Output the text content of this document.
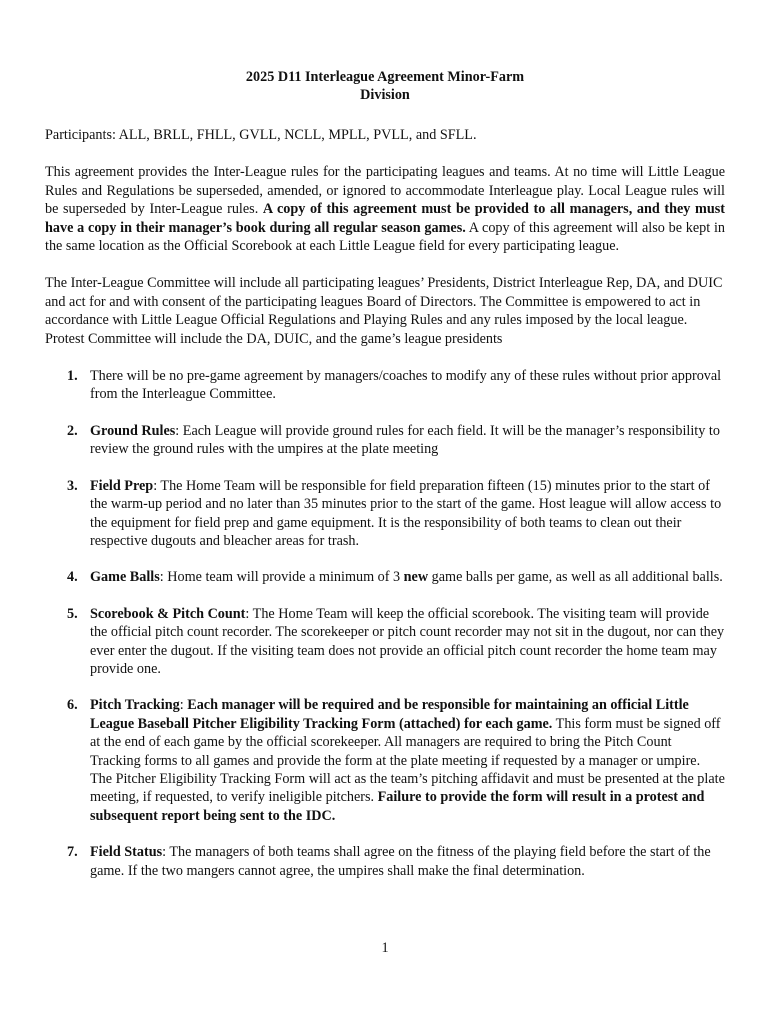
2025 D11 Interleague Agreement Minor-Farm
Division

Participants: ALL, BRLL, FHLL, GVLL, NCLL, MPLL, PVLL, and SFLL.

This agreement provides the Inter-League rules for the participating leagues and teams. At no time will Little League Rules and Regulations be superseded, amended, or ignored to accommodate Interleague play. Local League rules will be superseded by Inter-League rules. A copy of this agreement must be provided to all managers, and they must have a copy in their manager’s book during all regular season games. A copy of this agreement will also be kept in the same location as the Official Scorebook at each Little League field for every participating league.

The Inter-League Committee will include all participating leagues’ Presidents, District Interleague Rep, DA, and DUIC and act for and with consent of the participating leagues Board of Directors. The Committee is empowered to act in accordance with Little League Official Regulations and Playing Rules and any rules imposed by the local league. Protest Committee will include the DA, DUIC, and the game’s league presidents

1. There will be no pre-game agreement by managers/coaches to modify any of these rules without prior approval from the Interleague Committee.
2. Ground Rules: Each League will provide ground rules for each field. It will be the manager’s responsibility to review the ground rules with the umpires at the plate meeting
3. Field Prep: The Home Team will be responsible for field preparation fifteen (15) minutes prior to the start of the warm-up period and no later than 35 minutes prior to the start of the game. Host league will allow access to the equipment for field prep and game equipment. It is the responsibility of both teams to clean out their respective dugouts and bleacher areas for trash.
4. Game Balls: Home team will provide a minimum of 3 new game balls per game, as well as all additional balls.
5. Scorebook & Pitch Count: The Home Team will keep the official scorebook. The visiting team will provide the official pitch count recorder. The scorekeeper or pitch count recorder may not sit in the dugout, nor can they ever enter the dugout. If the visiting team does not provide an official pitch count recorder the home team may provide one.
6. Pitch Tracking: Each manager will be required and be responsible for maintaining an official Little League Baseball Pitcher Eligibility Tracking Form (attached) for each game. This form must be signed off at the end of each game by the official scorekeeper. All managers are required to bring the Pitch Count Tracking forms to all games and provide the form at the plate meeting if requested by a manager or umpire. The Pitcher Eligibility Tracking Form will act as the team’s pitching affidavit and must be presented at the plate meeting, if requested, to verify ineligible pitchers. Failure to provide the form will result in a protest and subsequent report being sent to the IDC.
7. Field Status: The managers of both teams shall agree on the fitness of the playing field before the start of the game. If the two mangers cannot agree, the umpires shall make the final determination.
1
